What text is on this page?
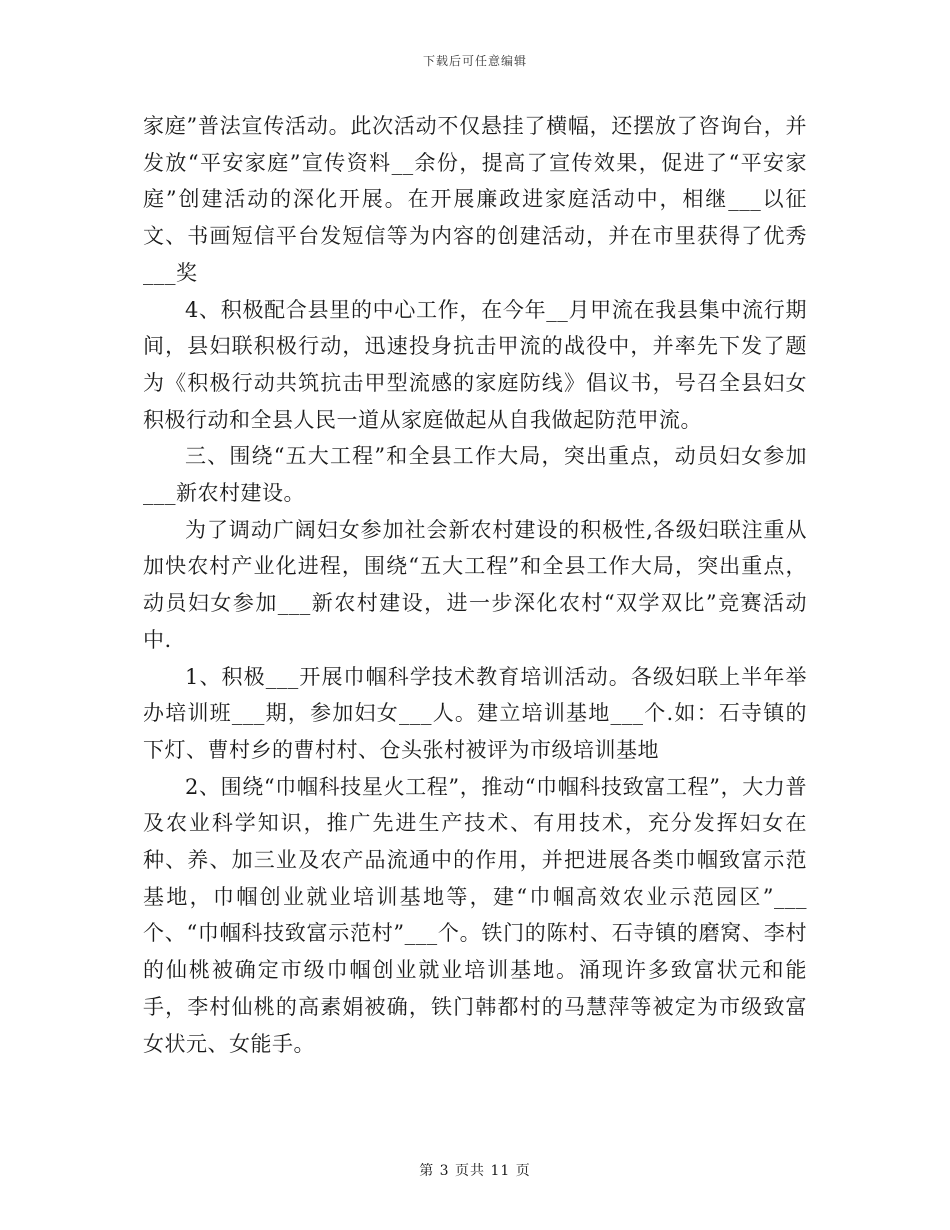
下载后可任意编辑

家庭”普法宣传活动。此次活动不仅悬挂了横幅，还摆放了咨询台，并发放“平安家庭”宣传资料__余份，提高了宣传效果，促进了“平安家庭”创建活动的深化开展。在开展廉政进家庭活动中，相继___以征文、书画短信平台发短信等为内容的创建活动，并在市里获得了优秀___奖

4、积极配合县里的中心工作，在今年__月甲流在我县集中流行期间，县妇联积极行动，迅速投身抗击甲流的战役中，并率先下发了题为《积极行动共筑抗击甲型流感的家庭防线》倡议书，号召全县妇女积极行动和全县人民一道从家庭做起从自我做起防范甲流。

三、围绕“五大工程”和全县工作大局，突出重点，动员妇女参加___新农村建设。

为了调动广阔妇女参加社会新农村建设的积极性,各级妇联注重从加快农村产业化进程，围绕“五大工程”和全县工作大局，突出重点，动员妇女参加___新农村建设，进一步深化农村“双学双比”竞赛活动中.

1、积极___开展巾帼科学技术教育培训活动。各级妇联上半年举办培训班___期，参加妇女___人。建立培训基地___个.如：石寺镇的下灯、曹村乡的曹村村、仓头张村被评为市级培训基地

2、围绕“巾帼科技星火工程”，推动“巾帼科技致富工程”，大力普及农业科学知识，推广先进生产技术、有用技术，充分发挥妇女在种、养、加三业及农产品流通中的作用，并把进展各类巾帼致富示范基地，巾帼创业就业培训基地等，建“巾帼高效农业示范园区”___个、“巾帼科技致富示范村”___个。铁门的陈村、石寺镇的磨窝、李村的仙桃被确定市级巾帼创业就业培训基地。涌现许多致富状元和能手，李村仙桃的高素娟被确，铁门韩都村的马慧萍等被定为市级致富女状元、女能手。

第 3 页共 11 页
